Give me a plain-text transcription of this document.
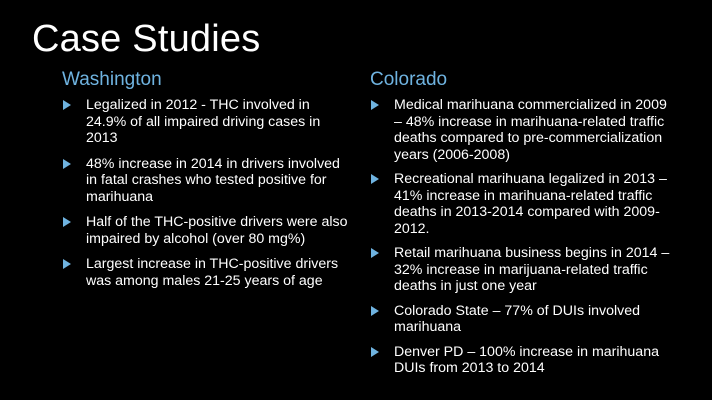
Case Studies
Washington
Legalized in 2012 - THC involved in 24.9% of all impaired driving cases in 2013
48% increase in 2014 in drivers involved in fatal crashes who tested positive for marihuana
Half of the THC-positive drivers were also impaired by alcohol (over 80 mg%)
Largest increase in THC-positive drivers was among males 21-25 years of age
Colorado
Medical marihuana commercialized in 2009 – 48% increase in marihuana-related traffic deaths compared to pre-commercialization years (2006-2008)
Recreational marihuana legalized in 2013 – 41% increase in marihuana-related traffic deaths in 2013-2014 compared with 2009-2012.
Retail marihuana business begins in 2014 – 32% increase in marijuana-related traffic deaths in just one year
Colorado State – 77% of DUIs involved marihuana
Denver PD – 100% increase in marihuana DUIs from 2013 to 2014
